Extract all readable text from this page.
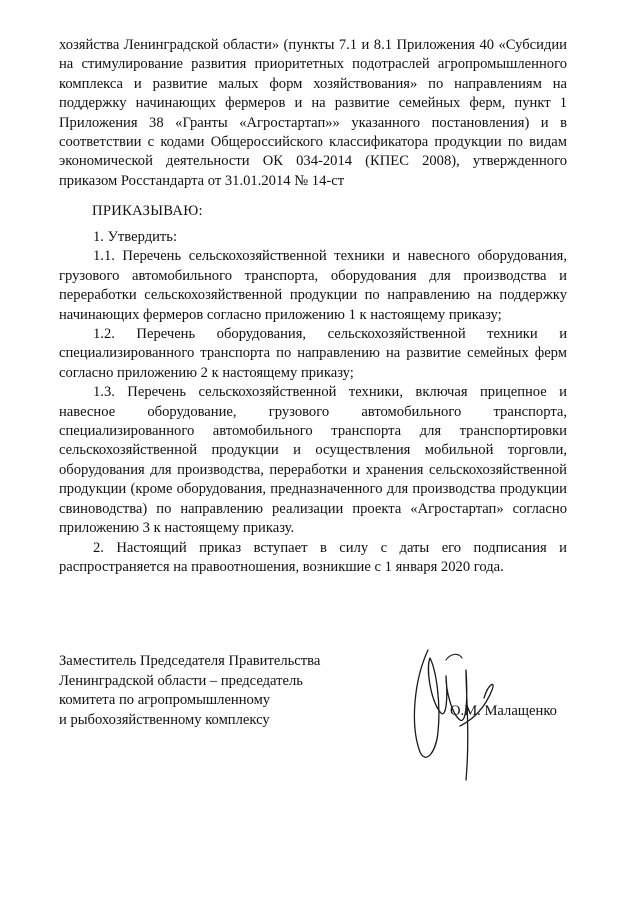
хозяйства Ленинградской области» (пункты 7.1 и 8.1 Приложения 40 «Субсидии на стимулирование развития приоритетных подотраслей агропромышленного комплекса и развитие малых форм хозяйствования» по направлениям на поддержку начинающих фермеров и на развитие семейных ферм, пункт 1 Приложения 38 «Гранты «Агростартап»» указанного постановления) и в соответствии с кодами Общероссийского классификатора продукции по видам экономической деятельности ОК 034-2014 (КПЕС 2008), утвержденного приказом Росстандарта от 31.01.2014 № 14-ст

ПРИКАЗЫВАЮ:

1. Утвердить:

1.1. Перечень сельскохозяйственной техники и навесного оборудования, грузового автомобильного транспорта, оборудования для производства и переработки сельскохозяйственной продукции по направлению на поддержку начинающих фермеров согласно приложению 1 к настоящему приказу;

1.2. Перечень оборудования, сельскохозяйственной техники и специализированного транспорта по направлению на развитие семейных ферм согласно приложению 2 к настоящему приказу;

1.3. Перечень сельскохозяйственной техники, включая прицепное и навесное оборудование, грузового автомобильного транспорта, специализированного автомобильного транспорта для транспортировки сельскохозяйственной продукции и осуществления мобильной торговли, оборудования для производства, переработки и хранения сельскохозяйственной продукции (кроме оборудования, предназначенного для производства продукции свиноводства) по направлению реализации проекта «Агростартап» согласно приложению 3 к настоящему приказу.

2. Настоящий приказ вступает в силу с даты его подписания и распространяется на правоотношения, возникшие с 1 января 2020 года.

Заместитель Председателя Правительства
Ленинградской области – председатель
комитета по агропромышленному
и рыбохозяйственному комплексу
О.М. Малащенко
